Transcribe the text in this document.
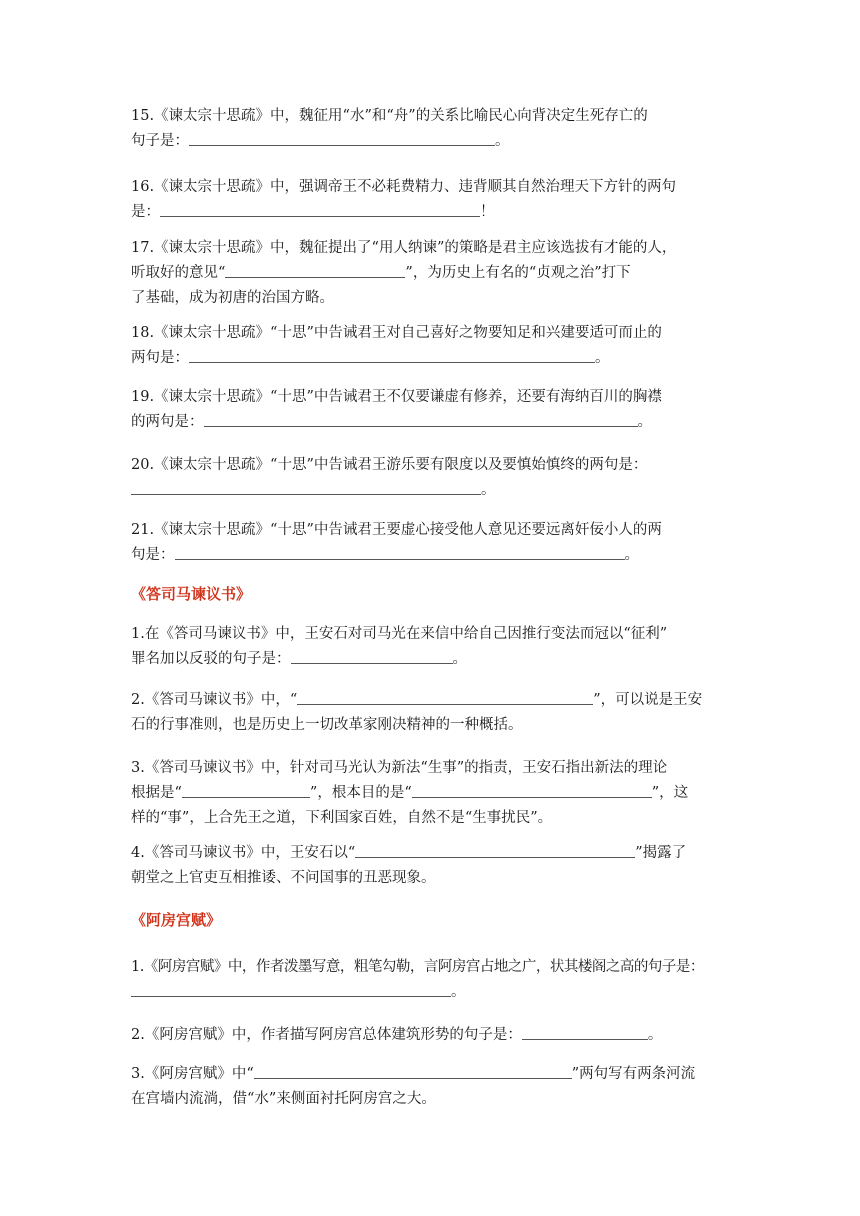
15.《谏太宗十思疏》中，魏征用“水”和“舟”的关系比喻民心向背决定生死存亡的
句子是：	。
16.《谏太宗十思疏》中，强调帝王不必耗费精力、违背顺其自然治理天下方针的两句
是：	！
17.《谏太宗十思疏》中，魏征提出了“用人纳谏”的策略是君主应该选拔有才能的人，
听取好的意见“	”，为历史上有名的“贞观之治”打下
了基础，成为初唐的治国方略。
18.《谏太宗十思疏》“十思”中告诫君王对自己喜好之物要知足和兴建要适可而止的
两句是：	。
19.《谏太宗十思疏》“十思”中告诫君王不仅要谦虚有修养，还要有海纳百川的胸襟
的两句是：	。
20.《谏太宗十思疏》“十思”中告诫君王游乐要有限度以及要慎始慎终的两句是：
。
21.《谏太宗十思疏》“十思”中告诫君王要虚心接受他人意见还要远离奸佞小人的两
句是：	。
《答司马谏议书》
1.在《答司马谏议书》中，王安石对司马光在来信中给自己因推行变法而冠以“征利”
罪名加以反驳的句子是：	。
2.《答司马谏议书》中，“	”，可以说是王安
石的行事准则，也是历史上一切改革家刚决精神的一种概括。
3.《答司马谏议书》中，针对司马光认为新法“生事”的指责，王安石指出新法的理论
根据是“	”，根本目的是“	”，这
样的“事”，上合先王之道，下利国家百姓，自然不是“生事扰民”。
4.《答司马谏议书》中，王安石以“	”揭露了
朝堂之上官吏互相推诿、不问国事的丑恶现象。
《阿房宫赋》
1.《阿房宫赋》中，作者泼墨写意，粗笔勾勒，言阿房宫占地之广，状其楼阁之高的句子是：
。
2.《阿房宫赋》中，作者描写阿房宫总体建筑形势的句子是：	。
3.《阿房宫赋》中“	”两句写有两条河流
在宫墙内流淌，借“水”来侧面衬托阿房宫之大。
